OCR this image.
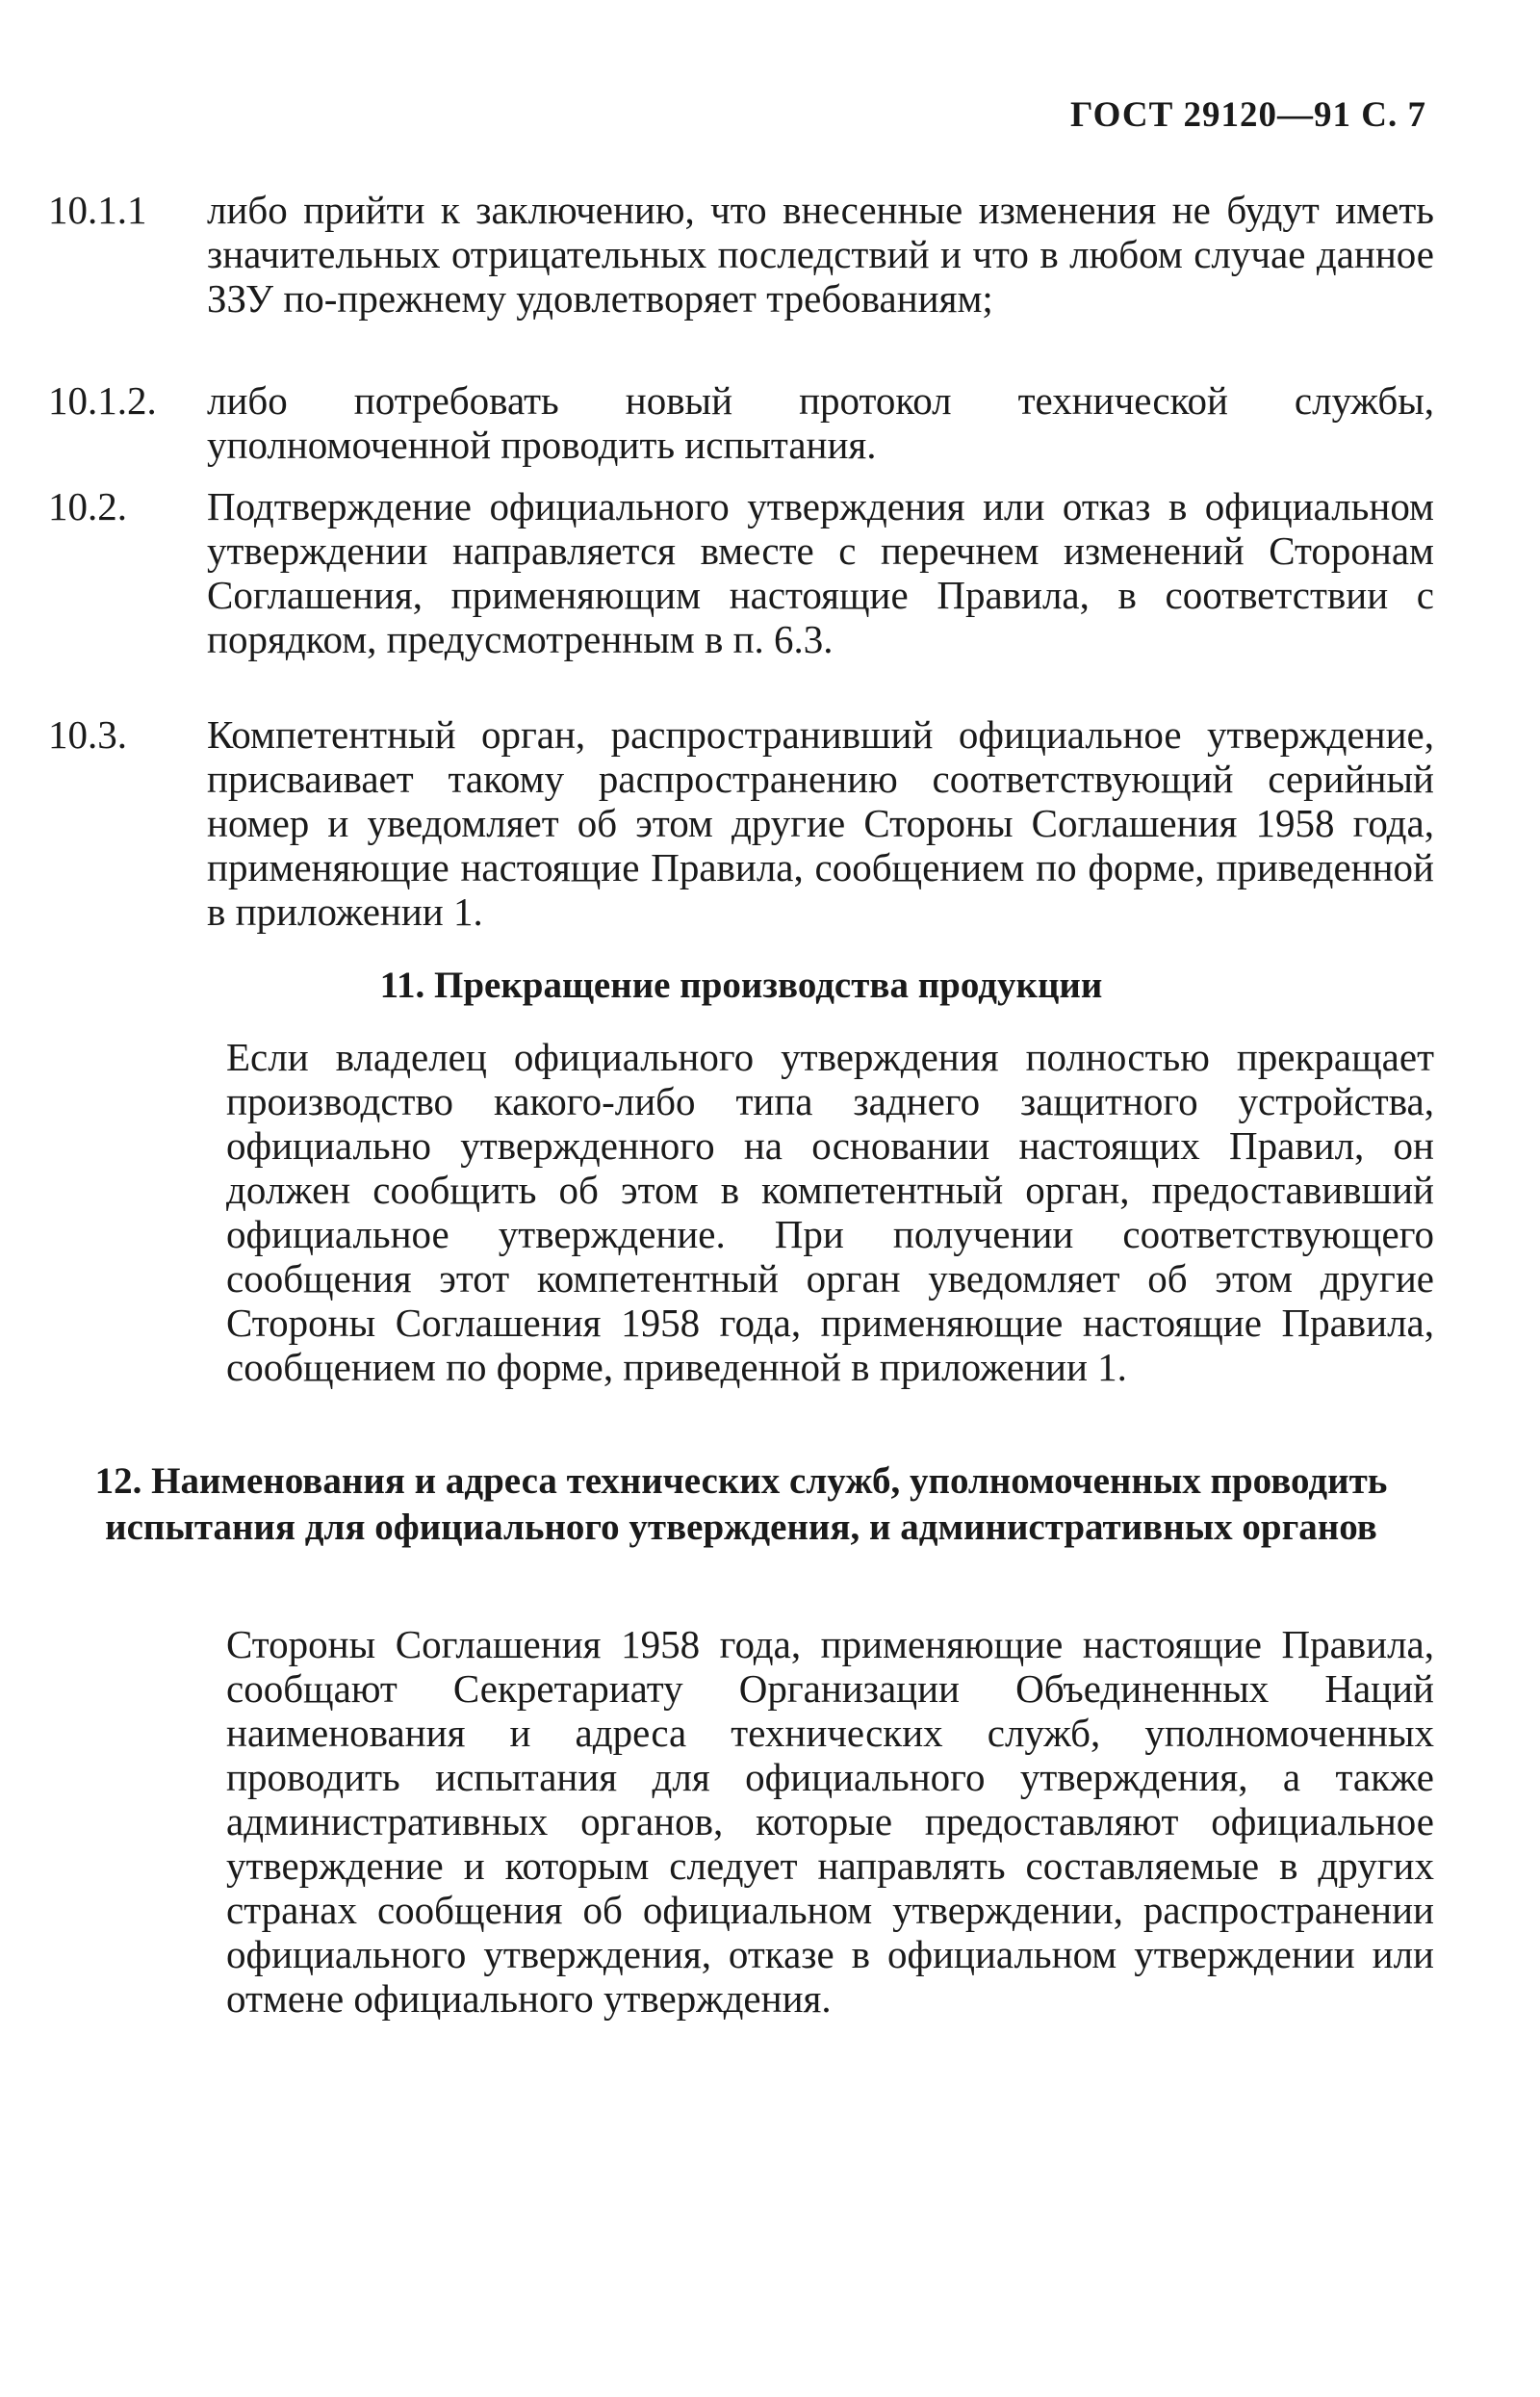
ГОСТ 29120—91 С. 7
10.1.1	либо прийти к заключению, что внесенные изменения не будут иметь значительных отрицательных последствий и что в любом случае данное ЗЗУ по-прежнему удовлетворяет требованиям;
10.1.2.	либо потребовать новый протокол технической службы, уполномоченной проводить испытания.
10.2.	Подтверждение официального утверждения или отказ в официальном утверждении направляется вместе с перечнем изменений Сторонам Соглашения, применяющим настоящие Правила, в соответствии с порядком, предусмотренным в п. 6.3.
10.3.	Компетентный орган, распространивший официальное утверждение, присваивает такому распространению соответствующий серийный номер и уведомляет об этом другие Стороны Соглашения 1958 года, применяющие настоящие Правила, сообщением по форме, приведенной в приложении 1.
11. Прекращение производства продукции
Если владелец официального утверждения полностью прекращает производство какого-либо типа заднего защитного устройства, официально утвержденного на основании настоящих Правил, он должен сообщить об этом в компетентный орган, предоставивший официальное утверждение. При получении соответствующего сообщения этот компетентный орган уведомляет об этом другие Стороны Соглашения 1958 года, применяющие настоящие Правила, сообщением по форме, приведенной в приложении 1.
12. Наименования и адреса технических служб, уполномоченных проводить испытания для официального утверждения, и административных органов
Стороны Соглашения 1958 года, применяющие настоящие Правила, сообщают Секретариату Организации Объединенных Наций наименования и адреса технических служб, уполномоченных проводить испытания для официального утверждения, а также административных органов, которые предоставляют официальное утверждение и которым следует направлять составляемые в других странах сообщения об официальном утверждении, распространении официального утверждения, отказе в официальном утверждении или отмене официального утверждения.
